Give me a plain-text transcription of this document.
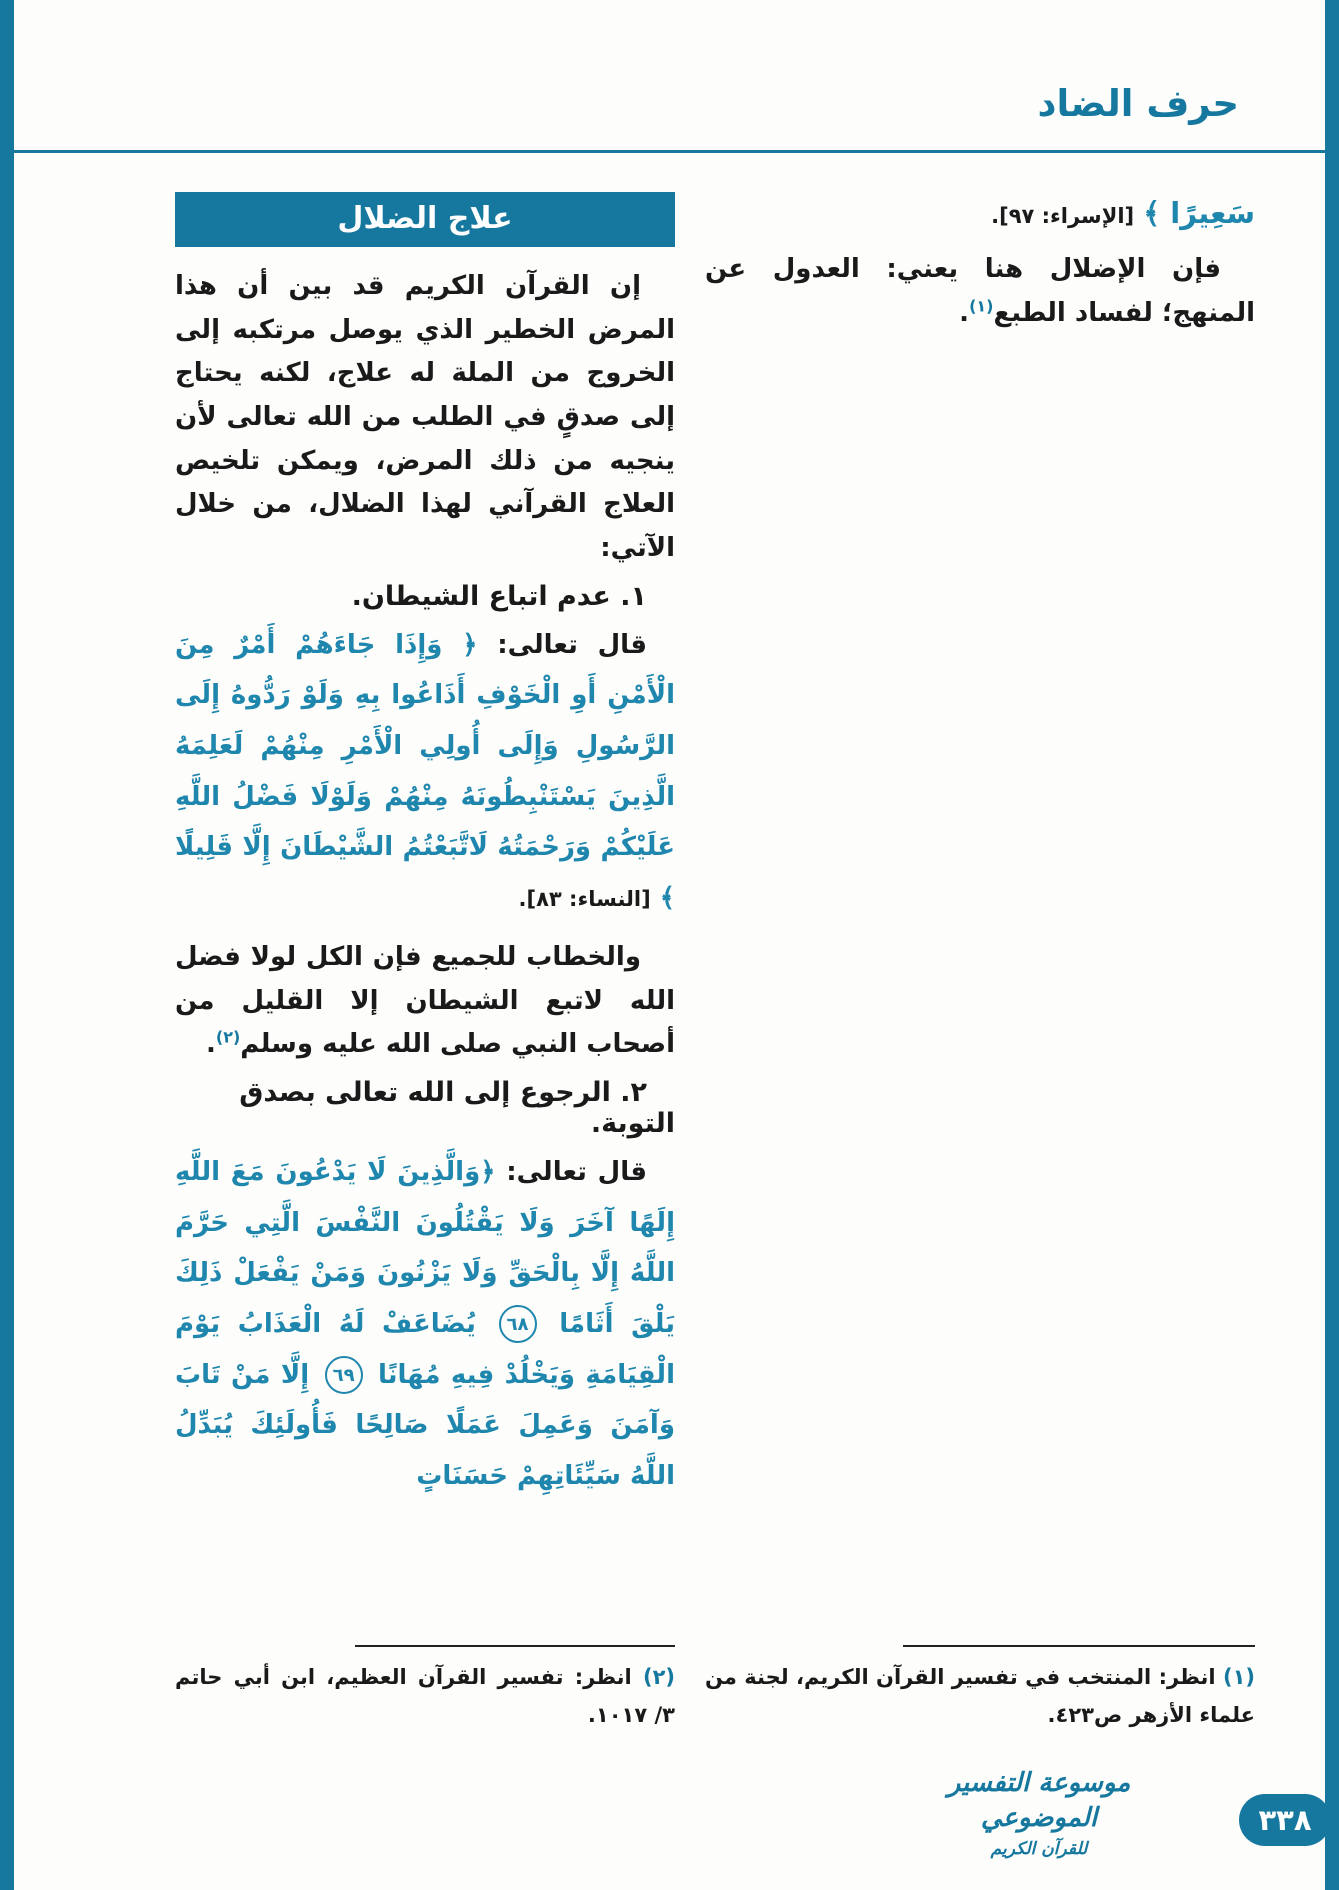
حرف الضاد

سَعِيرًا ﴾ [الإسراء: ٩٧].

فإن الإضلال هنا يعني: العدول عن المنهج؛ لفساد الطبع$^{(١)}$.

علاج الضلال

إن القرآن الكريم قد بين أن هذا المرض الخطير الذي يوصل مرتكبه إلى الخروج من الملة له علاج، لكنه يحتاج إلى صدقٍ في الطلب من الله تعالى لأن ينجيه من ذلك المرض، ويمكن تلخيص العلاج القرآني لهذا الضلال، من خلال الآتي:

١. عدم اتباع الشيطان.

قال تعالى: ﴿ وَإِذَا جَاءَهُمْ أَمْرٌ مِنَ الْأَمْنِ أَوِ الْخَوْفِ أَذَاعُوا بِهِ وَلَوْ رَدُّوهُ إِلَى الرَّسُولِ وَإِلَى أُولِي الْأَمْرِ مِنْهُمْ لَعَلِمَهُ الَّذِينَ يَسْتَنْبِطُونَهُ مِنْهُمْ وَلَوْلَا فَضْلُ اللَّهِ عَلَيْكُمْ وَرَحْمَتُهُ لَاتَّبَعْتُمُ الشَّيْطَانَ إِلَّا قَلِيلًا ﴾ [النساء: ٨٣].

والخطاب للجميع فإن الكل لولا فضل الله لاتبع الشيطان إلا القليل من أصحاب النبي صلى الله عليه وسلم$^{(٢)}$.

٢. الرجوع إلى الله تعالى بصدق التوبة.

قال تعالى: ﴿وَالَّذِينَ لَا يَدْعُونَ مَعَ اللَّهِ إِلَهًا آخَرَ وَلَا يَقْتُلُونَ النَّفْسَ الَّتِي حَرَّمَ اللَّهُ إِلَّا بِالْحَقِّ وَلَا يَزْنُونَ وَمَنْ يَفْعَلْ ذَلِكَ يَلْقَ أَثَامًا ٦٨ يُضَاعَفْ لَهُ الْعَذَابُ يَوْمَ الْقِيَامَةِ وَيَخْلُدْ فِيهِ مُهَانًا ٦٩ إِلَّا مَنْ تَابَ وَآمَنَ وَعَمِلَ عَمَلًا صَالِحًا فَأُولَئِكَ يُبَدِّلُ اللَّهُ سَيِّئَاتِهِمْ حَسَنَاتٍ

(١) انظر: المنتخب في تفسير القرآن الكريم، لجنة من علماء الأزهر ص٤٢٣.

(٢) انظر: تفسير القرآن العظيم، ابن أبي حاتم ٣/ ١٠١٧.

موسوعة التفسير الموضوعي
للقرآن الكريم
٣٣٨
